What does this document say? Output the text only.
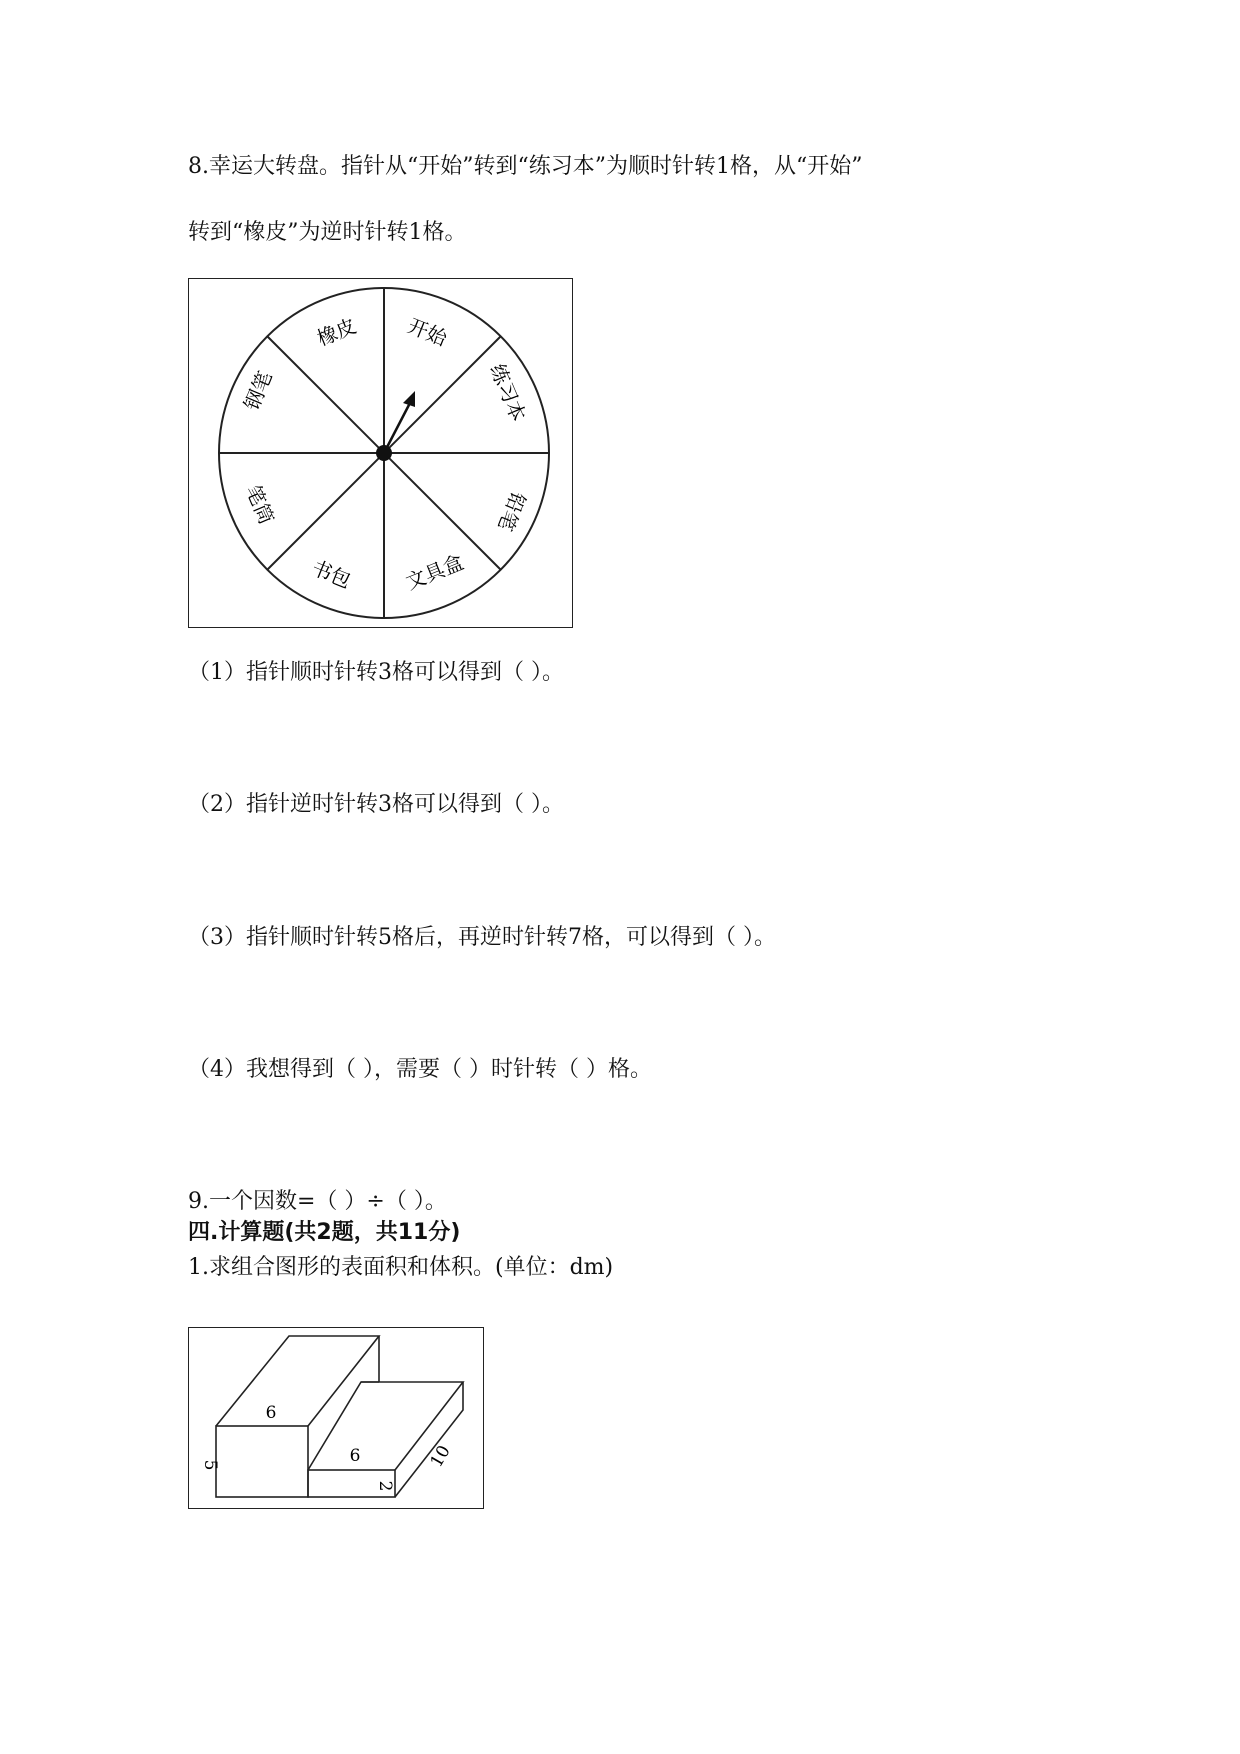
8.幸运大转盘。指针从“开始”转到“练习本”为顺时针转1格，从“开始”
转到“橡皮”为逆时针转1格。
开始
练习本
铅笔
文具盒
书包
笔筒
钢笔
橡皮
（1）指针顺时针转3格可以得到（ ）。
（2）指针逆时针转3格可以得到（ ）。
（3）指针顺时针转5格后，再逆时针转7格，可以得到（ ）。
（4）我想得到（ ），需要（ ）时针转（ ）格。
9.一个因数=（ ）÷（ ）。
四.计算题(共2题，共11分)
1.求组合图形的表面积和体积。(单位：dm)
6
5	6
2
10
